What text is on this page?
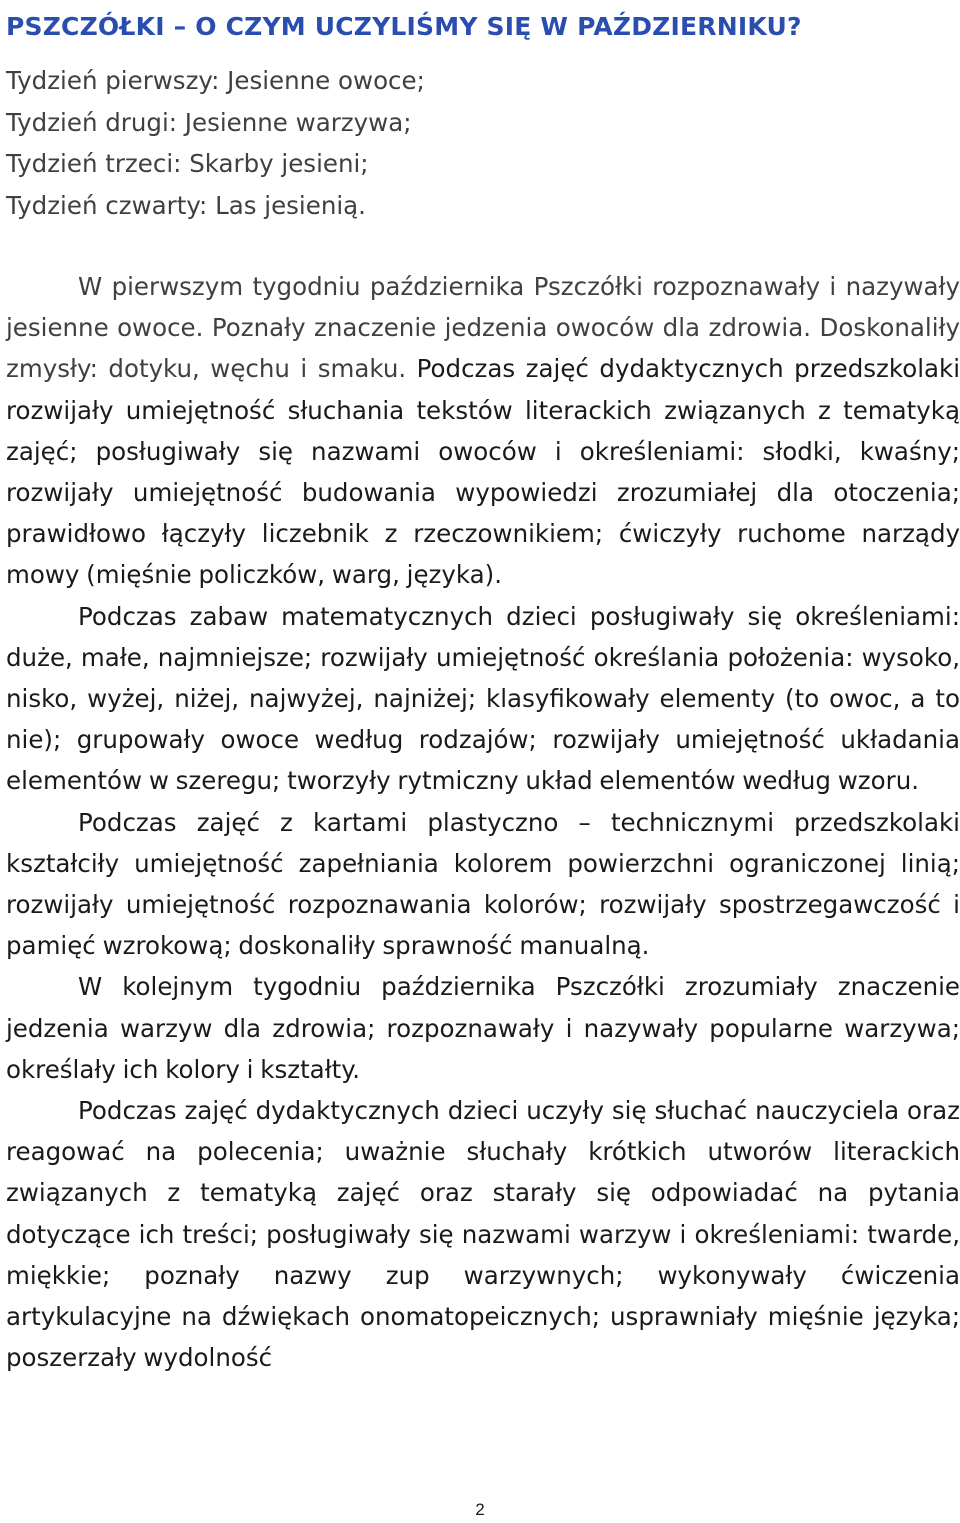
PSZCZÓŁKI – O CZYM UCZYLIŚMY SIĘ W PAŹDZIERNIKU?
Tydzień pierwszy: Jesienne owoce;
Tydzień drugi: Jesienne warzywa;
Tydzień trzeci: Skarby jesieni;
Tydzień czwarty: Las jesienią.

W pierwszym tygodniu października Pszczółki rozpoznawały i nazywały jesienne owoce. Poznały znaczenie jedzenia owoców dla zdrowia. Doskonaliły zmysły: dotyku, węchu i smaku. Podczas zajęć dydaktycznych przedszkolaki rozwijały umiejętność słuchania tekstów literackich związanych z tematyką zajęć; posługiwały się nazwami owoców i określeniami: słodki, kwaśny; rozwijały umiejętność budowania wypowiedzi zrozumiałej dla otoczenia; prawidłowo łączyły liczebnik z rzeczownikiem; ćwiczyły ruchome narządy mowy (mięśnie policzków, warg, języka).

Podczas zabaw matematycznych dzieci posługiwały się określeniami: duże, małe, najmniejsze; rozwijały umiejętność określania położenia: wysoko, nisko, wyżej, niżej, najwyżej, najniżej; klasyfikowały elementy (to owoc, a to nie); grupowały owoce według rodzajów; rozwijały umiejętność układania elementów w szeregu; tworzyły rytmiczny układ elementów według wzoru.

Podczas zajęć z kartami plastyczno – technicznymi przedszkolaki kształciły umiejętność zapełniania kolorem powierzchni ograniczonej linią; rozwijały umiejętność rozpoznawania kolorów; rozwijały spostrzegawczość i pamięć wzrokową; doskonaliły sprawność manualną.

W kolejnym tygodniu października Pszczółki zrozumiały znaczenie jedzenia warzyw dla zdrowia; rozpoznawały i nazywały popularne warzywa; określały ich kolory i kształty.

Podczas zajęć dydaktycznych dzieci uczyły się słuchać nauczyciela oraz reagować na polecenia; uważnie słuchały krótkich utworów literackich związanych z tematyką zajęć oraz starały się odpowiadać na pytania dotyczące ich treści; posługiwały się nazwami warzyw i określeniami: twarde, miękkie; poznały nazwy zup warzywnych; wykonywały ćwiczenia artykulacyjne na dźwiękach onomatopeicznych; usprawniały mięśnie języka; poszerzały wydolność

2
